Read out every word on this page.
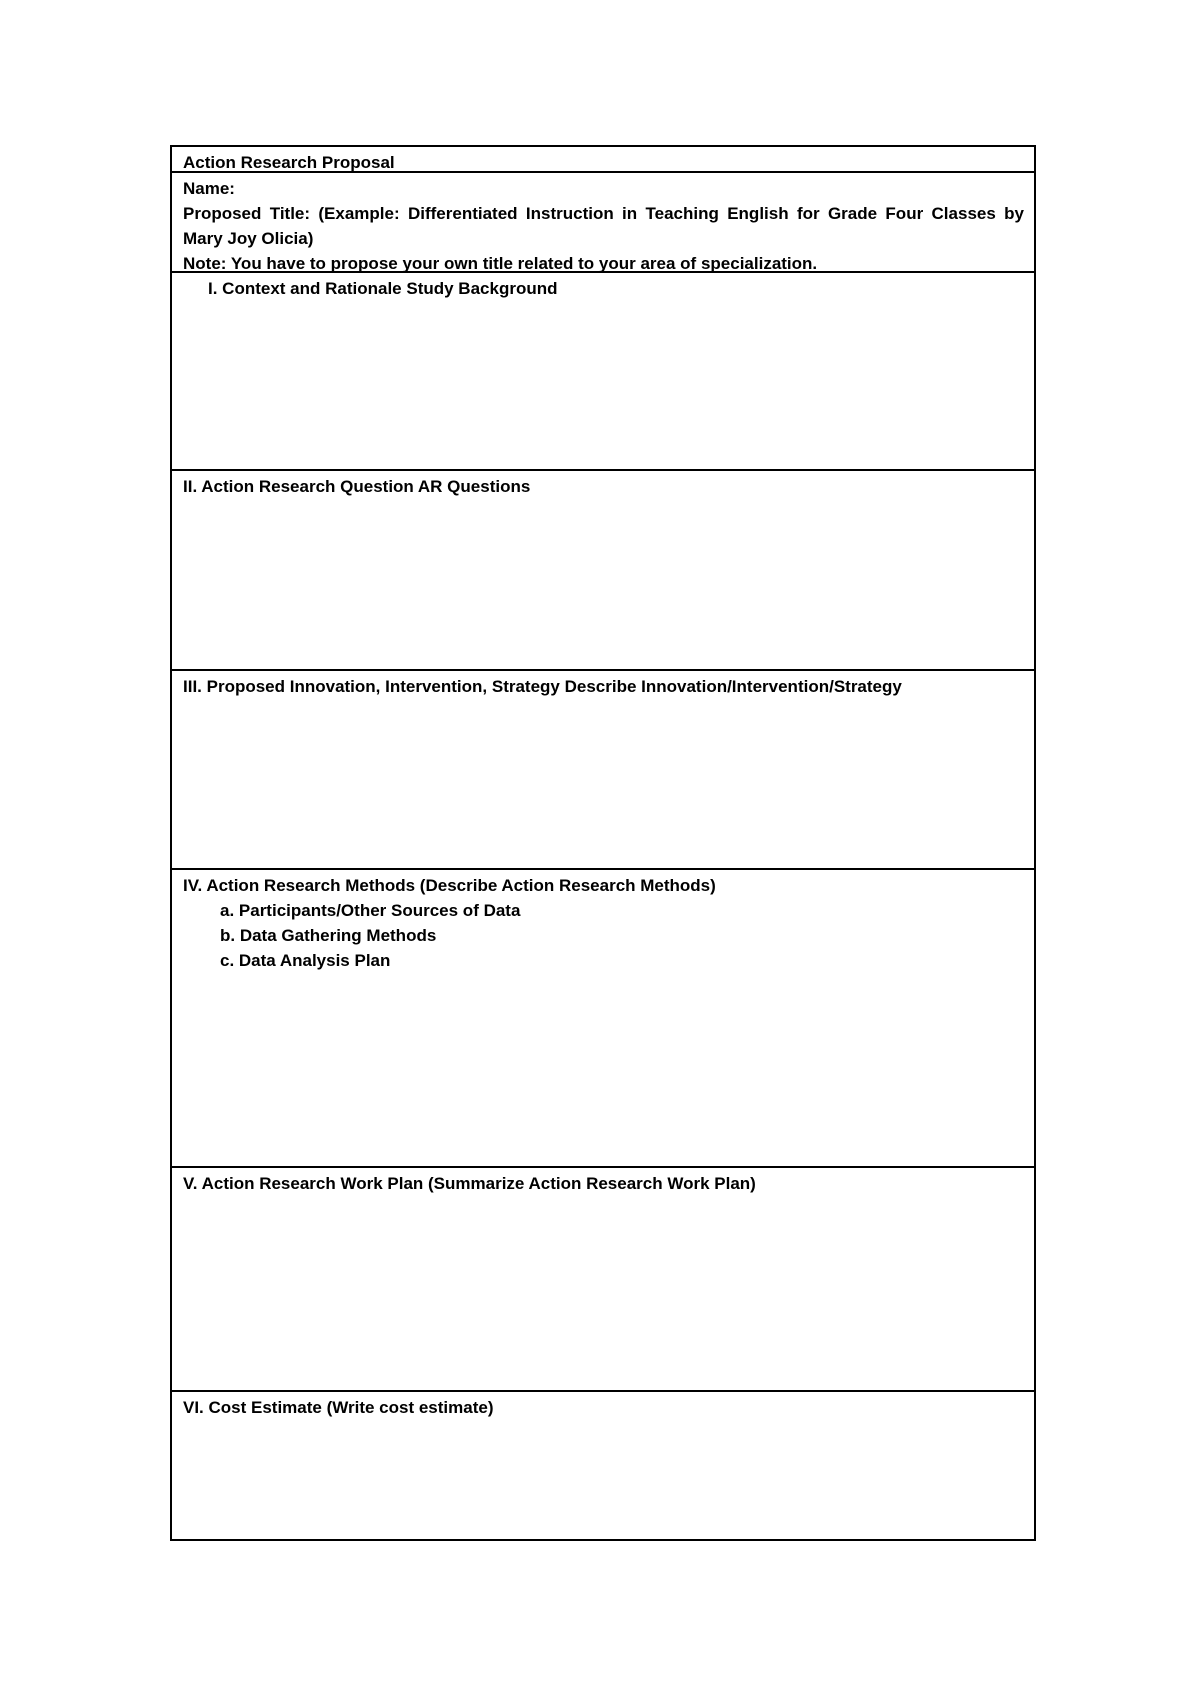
Action Research Proposal
Name:
Proposed Title: (Example: Differentiated Instruction in Teaching English for Grade Four Classes by Mary Joy Olicia)
Note: You have to propose your own title related to your area of specialization.
I. Context and Rationale Study Background
II. Action Research Question AR Questions
III. Proposed Innovation, Intervention, Strategy Describe Innovation/Intervention/Strategy
IV. Action Research Methods (Describe Action Research Methods)
a. Participants/Other Sources of Data
b. Data Gathering Methods
c. Data Analysis Plan
V. Action Research Work Plan (Summarize Action Research Work Plan)
VI. Cost Estimate (Write cost estimate)
